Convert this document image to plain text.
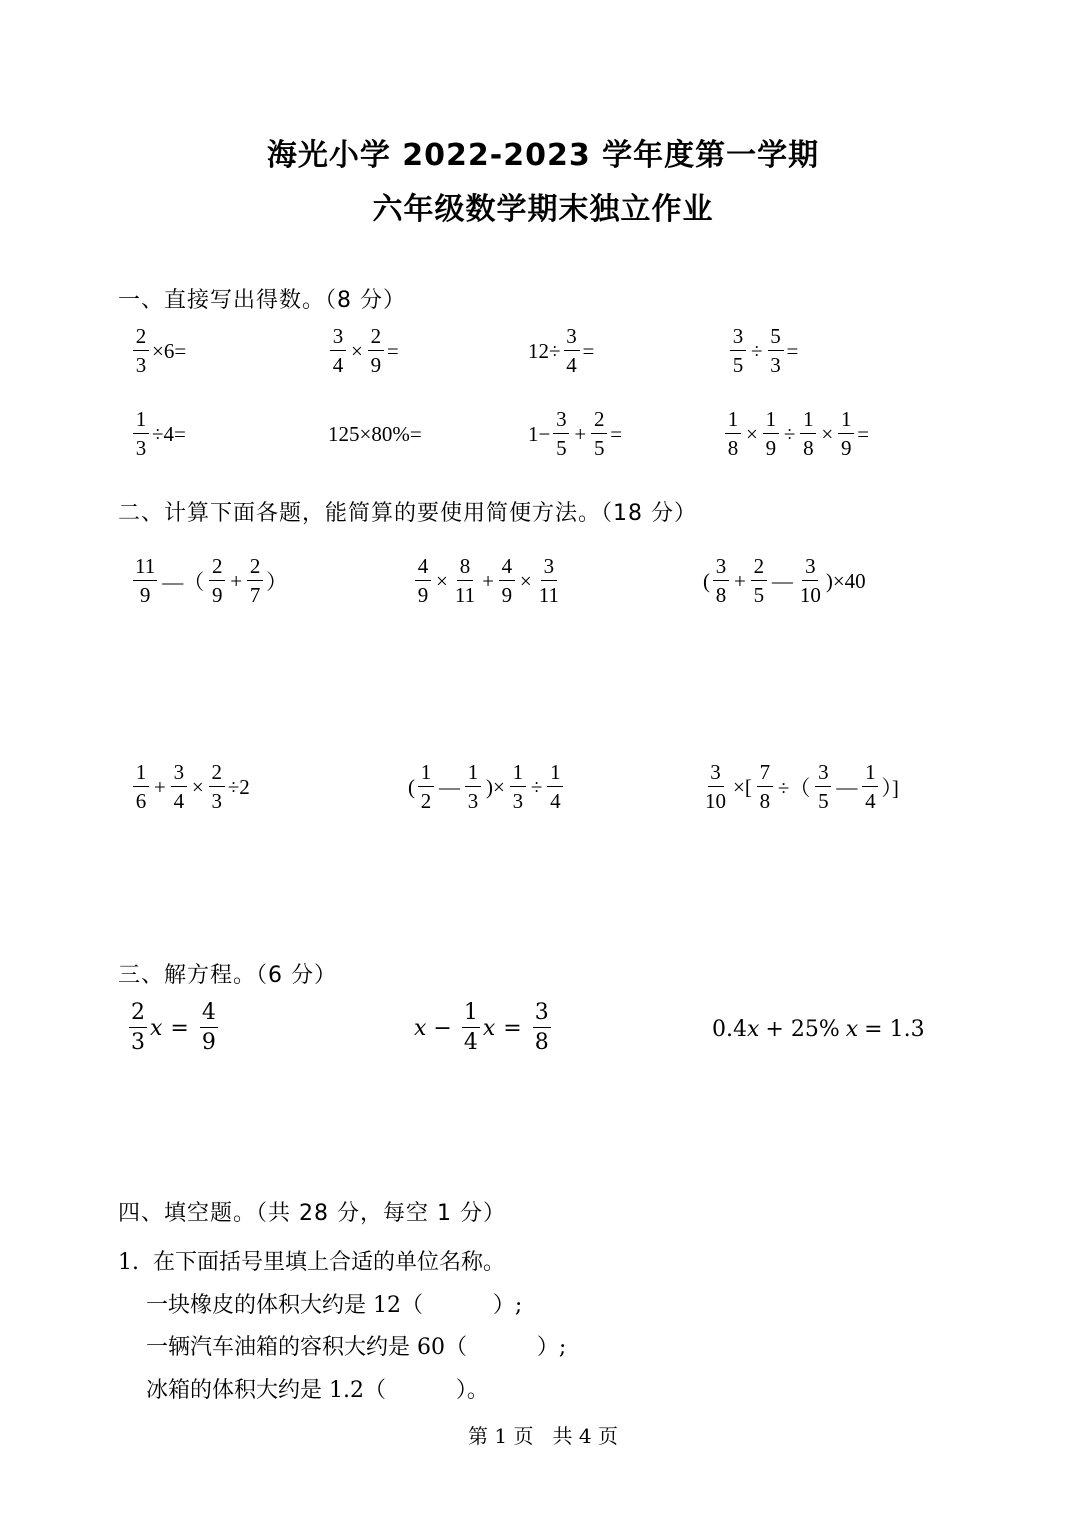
海光小学 2022-2023 学年度第一学期
六年级数学期末独立作业
一、直接写出得数。（8 分）
$\frac{2}{3} \times 6=$	$\frac{3}{4} \times \frac{2}{9}$ =	$12\div \frac{3}{4}$ =	$\frac{3}{5} \div \frac{5}{3}$ =
$\frac{1}{3} \div 4=$	125×80%=	$1- \frac{3}{5} + \frac{2}{5}$ =	$\frac{1}{8} \times \frac{1}{9} \div \frac{1}{8} \times \frac{1}{9}$ =
二、计算下面各题，能简算的要使用简便方法。（18 分）
$\frac{11}{9}$ —（ $\frac{2}{9} + \frac{2}{7}$ ）	$\frac{4}{9} \times \frac{8}{11} + \frac{4}{9} \times \frac{3}{11}$	( $\frac{3}{8} + \frac{2}{5}$ — $\frac{3}{10} )\times 40$
$\frac{1}{6} + \frac{3}{4} \times \frac{2}{3} \div 2$	( $\frac{1}{2}$ — $\frac{1}{3}$ )× $\frac{1}{3} \div \frac{1}{4}$	$\frac{3}{10}$ ×[ $\frac{7}{8}$ ÷（ $\frac{3}{5}$ — $\frac{1}{4}$ ）]
三、解方程。（6 分）
$\frac{2}{3}$ $x = \frac{4}{9}$	$x - \frac{1}{4}$ $x = \frac{3}{8}$	0.4 x + 25% x = 1.3
四、填空题。（共 28 分，每空 1 分）
1.  在下面括号里填上合适的单位名称。
一块橡皮的体积大约是 12（          ）;
一辆汽车油箱的容积大约是 60（          ）;
冰箱的体积大约是 1.2（          ）。
第 1 页   共 4 页
